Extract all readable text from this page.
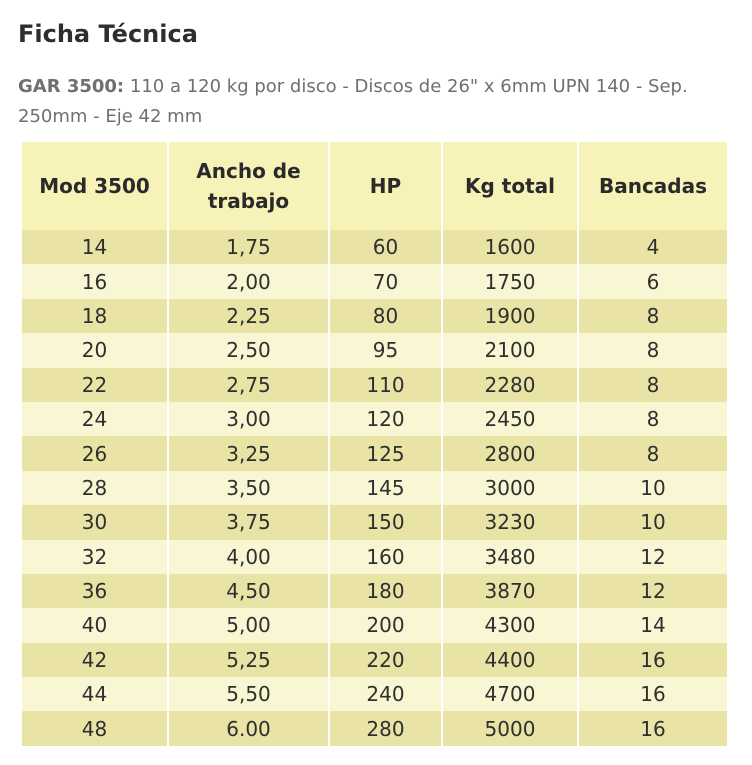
Ficha Técnica
GAR 3500: 110 a 120 kg por disco - Discos de 26" x 6mm UPN 140 - Sep. 250mm - Eje 42 mm
Mod 3500	Ancho de trabajo	HP	Kg total	Bancadas
14	1,75	60	1600	4
16	2,00	70	1750	6
18	2,25	80	1900	8
20	2,50	95	2100	8
22	2,75	110	2280	8
24	3,00	120	2450	8
26	3,25	125	2800	8
28	3,50	145	3000	10
30	3,75	150	3230	10
32	4,00	160	3480	12
36	4,50	180	3870	12
40	5,00	200	4300	14
42	5,25	220	4400	16
44	5,50	240	4700	16
48	6.00	280	5000	16
